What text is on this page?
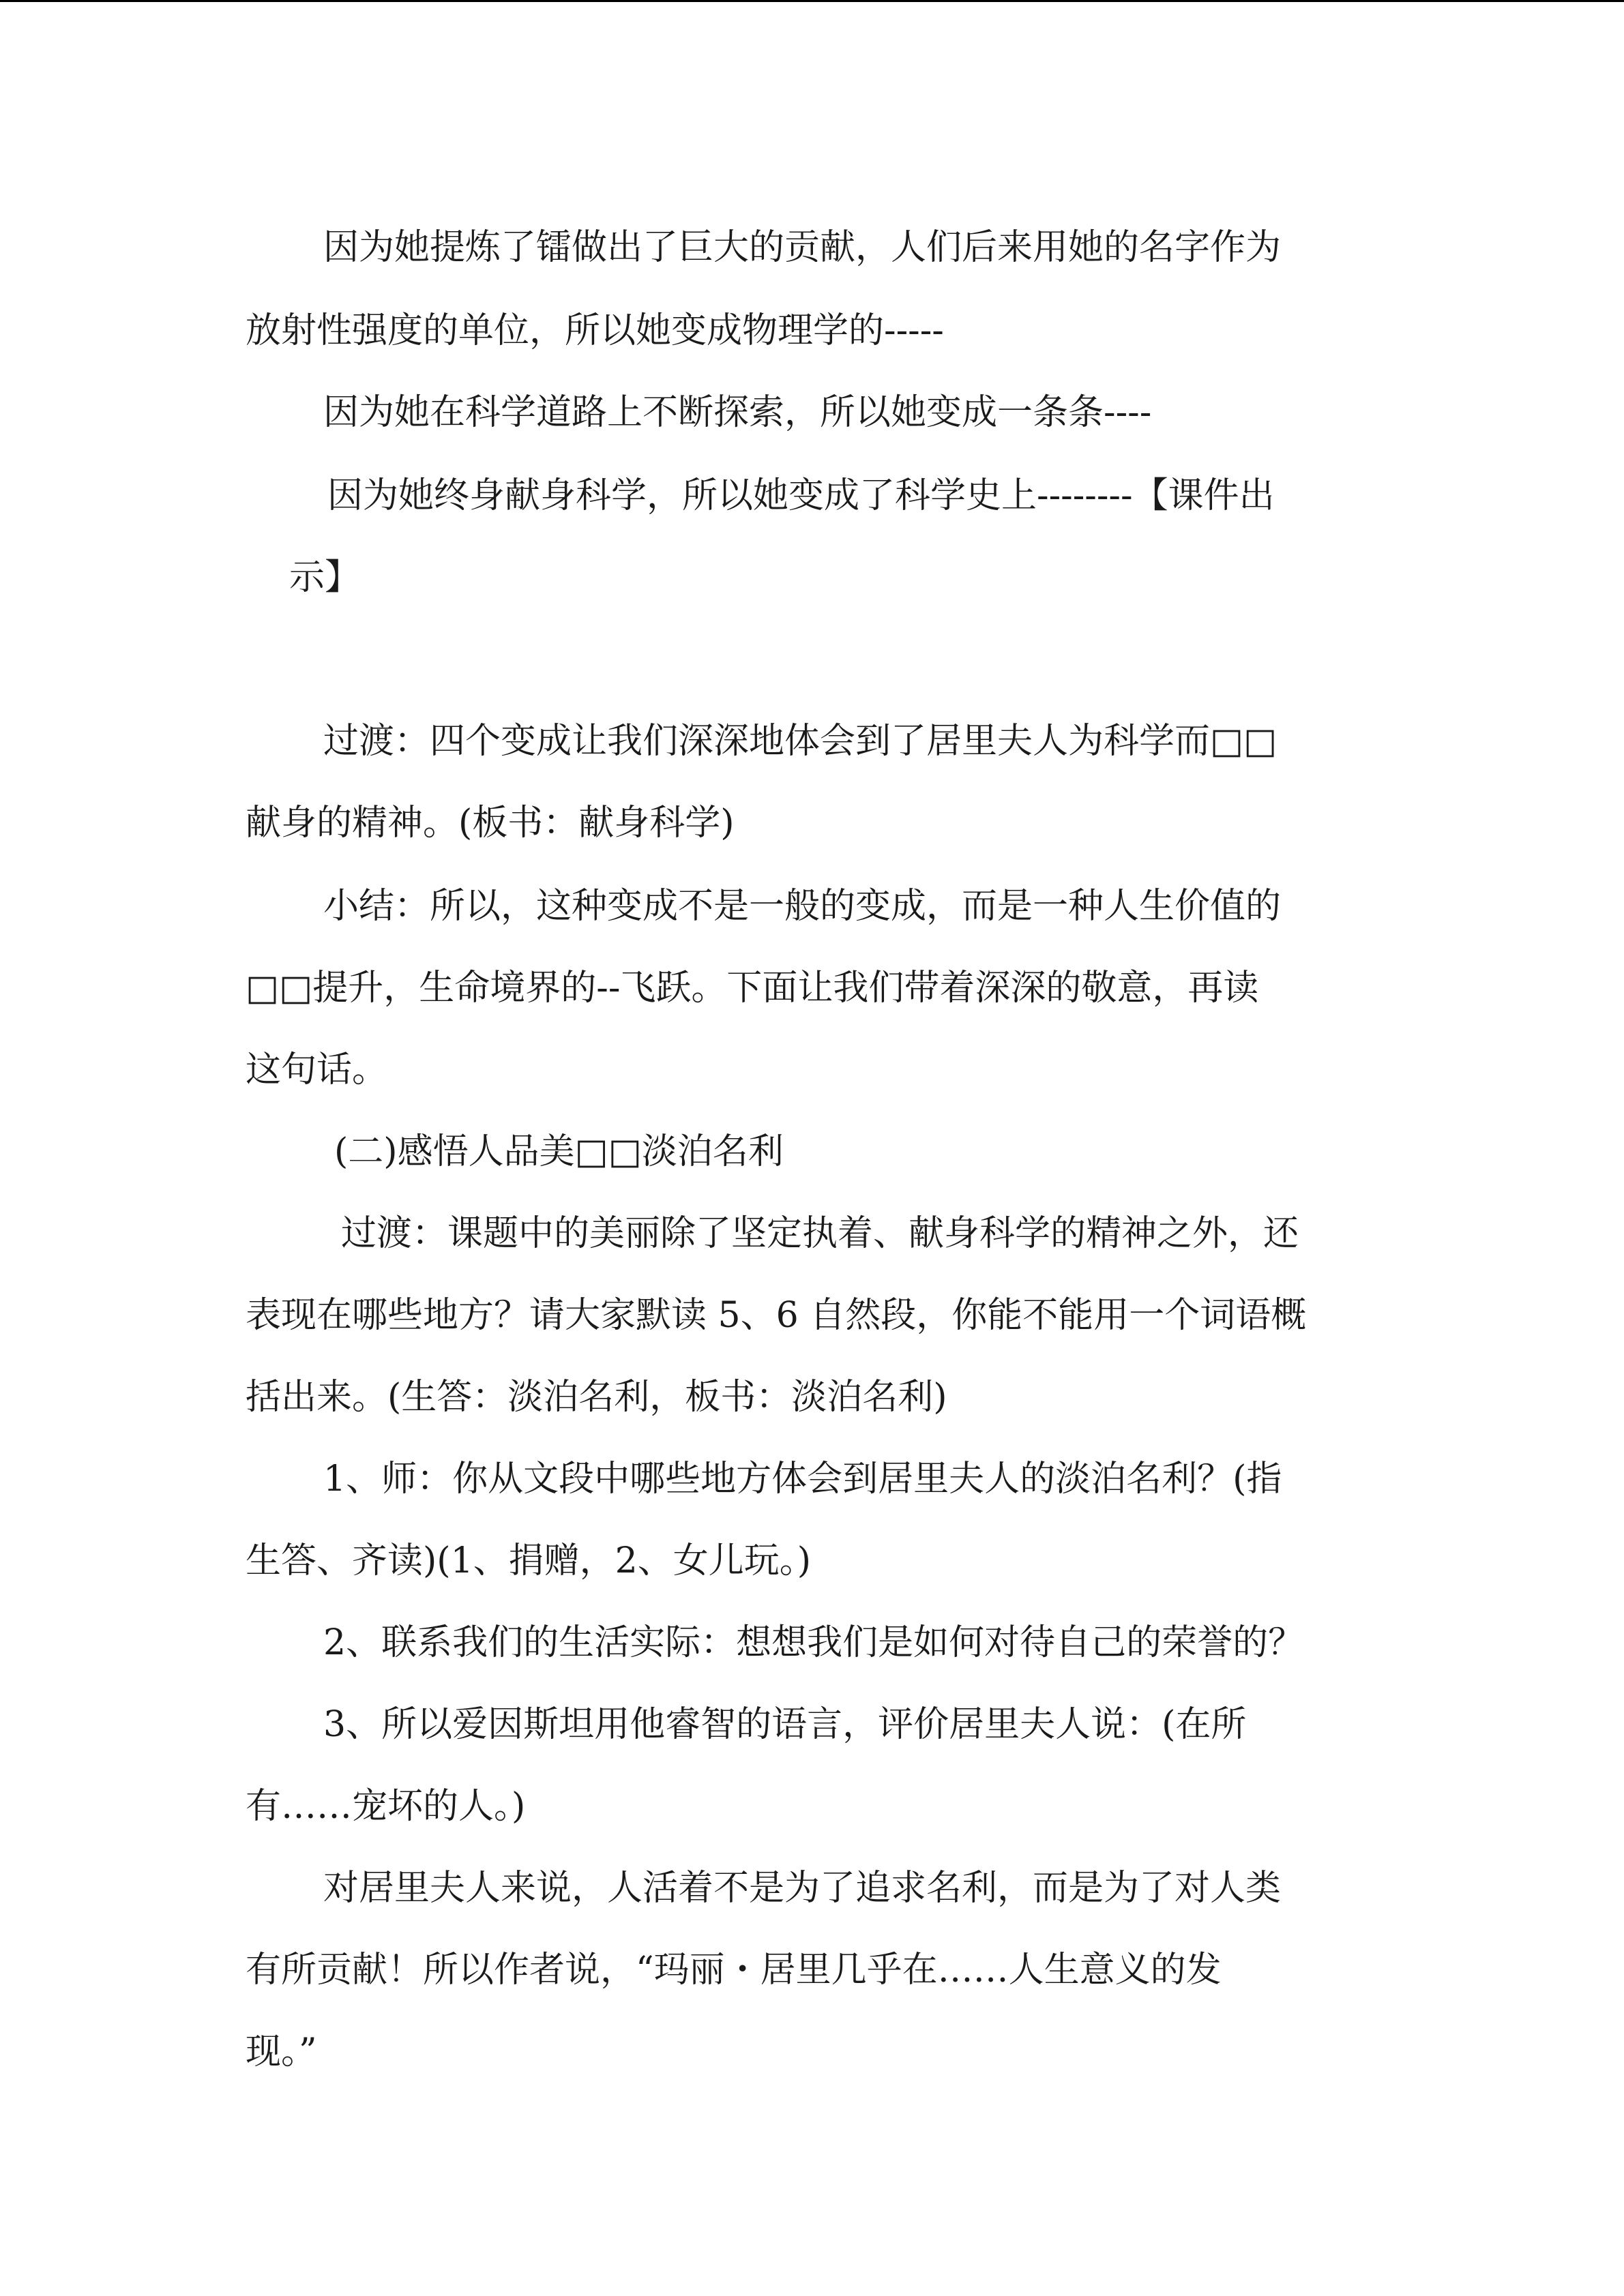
因为她提炼了镭做出了巨大的贡献，人们后来用她的名字作为
放射性强度的单位，所以她变成物理学的-----
因为她在科学道路上不断探索，所以她变成一条条----
因为她终身献身科学，所以她变成了科学史上--------【课件出
示】
过渡：四个变成让我们深深地体会到了居里夫人为科学而□□
献身的精神。(板书：献身科学)
小结：所以，这种变成不是一般的变成，而是一种人生价值的
□□提升，生命境界的--飞跃。下面让我们带着深深的敬意，再读
这句话。
(二)感悟人品美□□淡泊名利
过渡：课题中的美丽除了坚定执着、献身科学的精神之外，还
表现在哪些地方？请大家默读 5、6 自然段，你能不能用一个词语概
括出来。(生答：淡泊名利，板书：淡泊名利)
1、师：你从文段中哪些地方体会到居里夫人的淡泊名利？(指
生答、齐读)(1、捐赠，2、女儿玩。)
2、联系我们的生活实际：想想我们是如何对待自己的荣誉的？
3、所以爱因斯坦用他睿智的语言，评价居里夫人说：(在所
有……宠坏的人。)
对居里夫人来说，人活着不是为了追求名利，而是为了对人类
有所贡献！所以作者说，“玛丽・居里几乎在……人生意义的发
现。”
